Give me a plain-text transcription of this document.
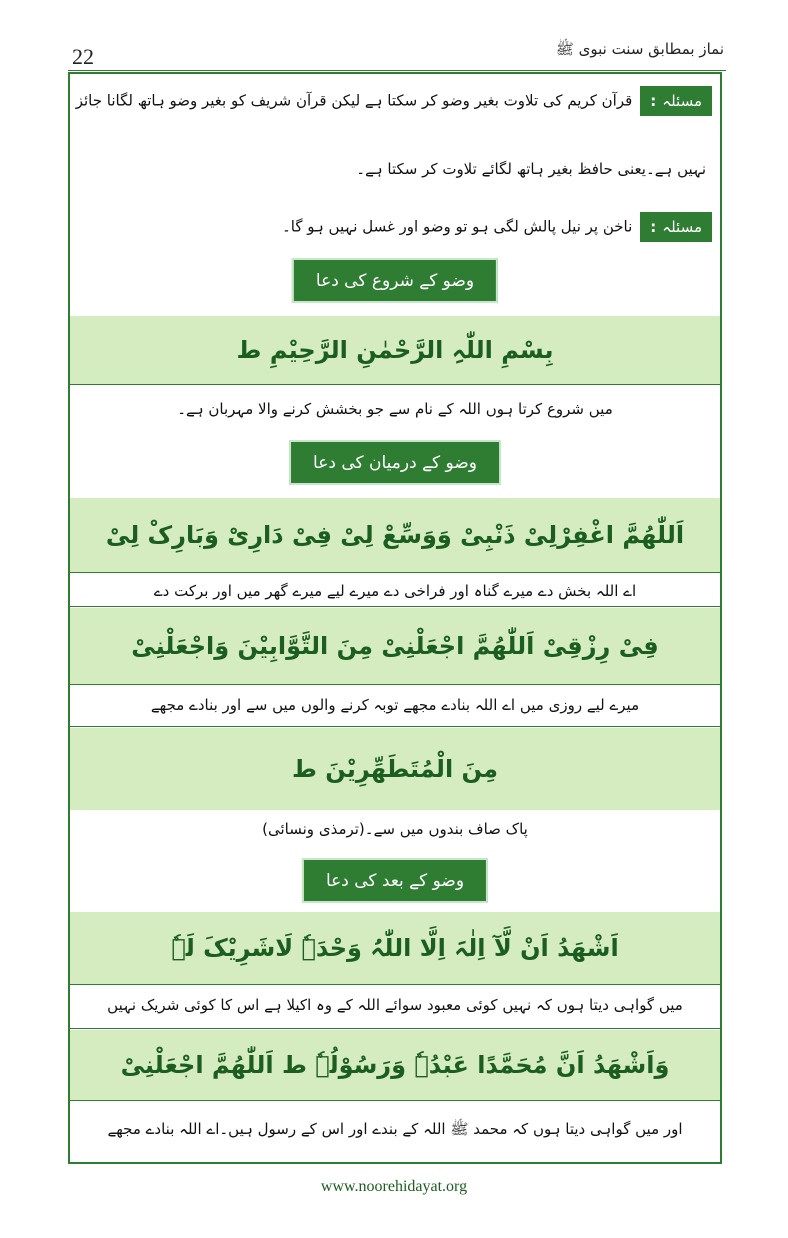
22	نماز بمطابق سنت نبوی ﷺ
مسئلہ:قرآن کریم کی تلاوت بغیر وضو کر سکتا ہے لیکن قرآن شریف کو بغیر وضو ہاتھ لگانا جائز
نہیں ہے۔یعنی حافظ بغیر ہاتھ لگائے تلاوت کر سکتا ہے۔
مسئلہ:ناخن پر نیل پالش لگی ہو تو وضو اور غسل نہیں ہو گا۔
وضو کے شروع کی دعا
بِسْمِ اللّٰہِ الرَّحْمٰنِ الرَّحِیْمِ ط
میں شروع کرتا ہوں اللہ کے نام سے جو بخشش کرنے والا مہربان ہے۔
وضو کے درمیان کی دعا
اَللّٰھُمَّ اغْفِرْلِیْ ذَنْبِیْ وَوَسِّعْ لِیْ فِیْ دَارِیْ وَبَارِکْ لِیْ
اے اللہ بخش دے میرے گناہ اور فراخی دے میرے لیے میرے گھر میں اور برکت دے
فِیْ رِزْقِیْ اَللّٰھُمَّ اجْعَلْنِیْ مِنَ التَّوَّابِیْنَ وَاجْعَلْنِیْ
میرے لیے روزی میں اے اللہ بنادے مجھے توبہ کرنے والوں میں سے اور بنادے مجھے
مِنَ الْمُتَطَھِّرِیْنَ ط
پاک صاف بندوں میں سے۔(ترمذی ونسائی)
وضو کے بعد کی دعا
اَشْھَدُ اَنْ لَّآ اِلٰہَ اِلَّا اللّٰہُ وَحْدَہٗ لَاشَرِیْکَ لَہٗ
میں گواہی دیتا ہوں کہ نہیں کوئی معبود سوائے اللہ کے وہ اکیلا ہے اس کا کوئی شریک نہیں
وَاَشْھَدُ اَنَّ مُحَمَّدًا عَبْدُہٗ وَرَسُوْلُہٗ ط اَللّٰھُمَّ اجْعَلْنِیْ
اور میں گواہی دیتا ہوں کہ محمد ﷺ اللہ کے بندے اور اس کے رسول ہیں۔اے اللہ بنادے مجھے
www.noorehidayat.org
